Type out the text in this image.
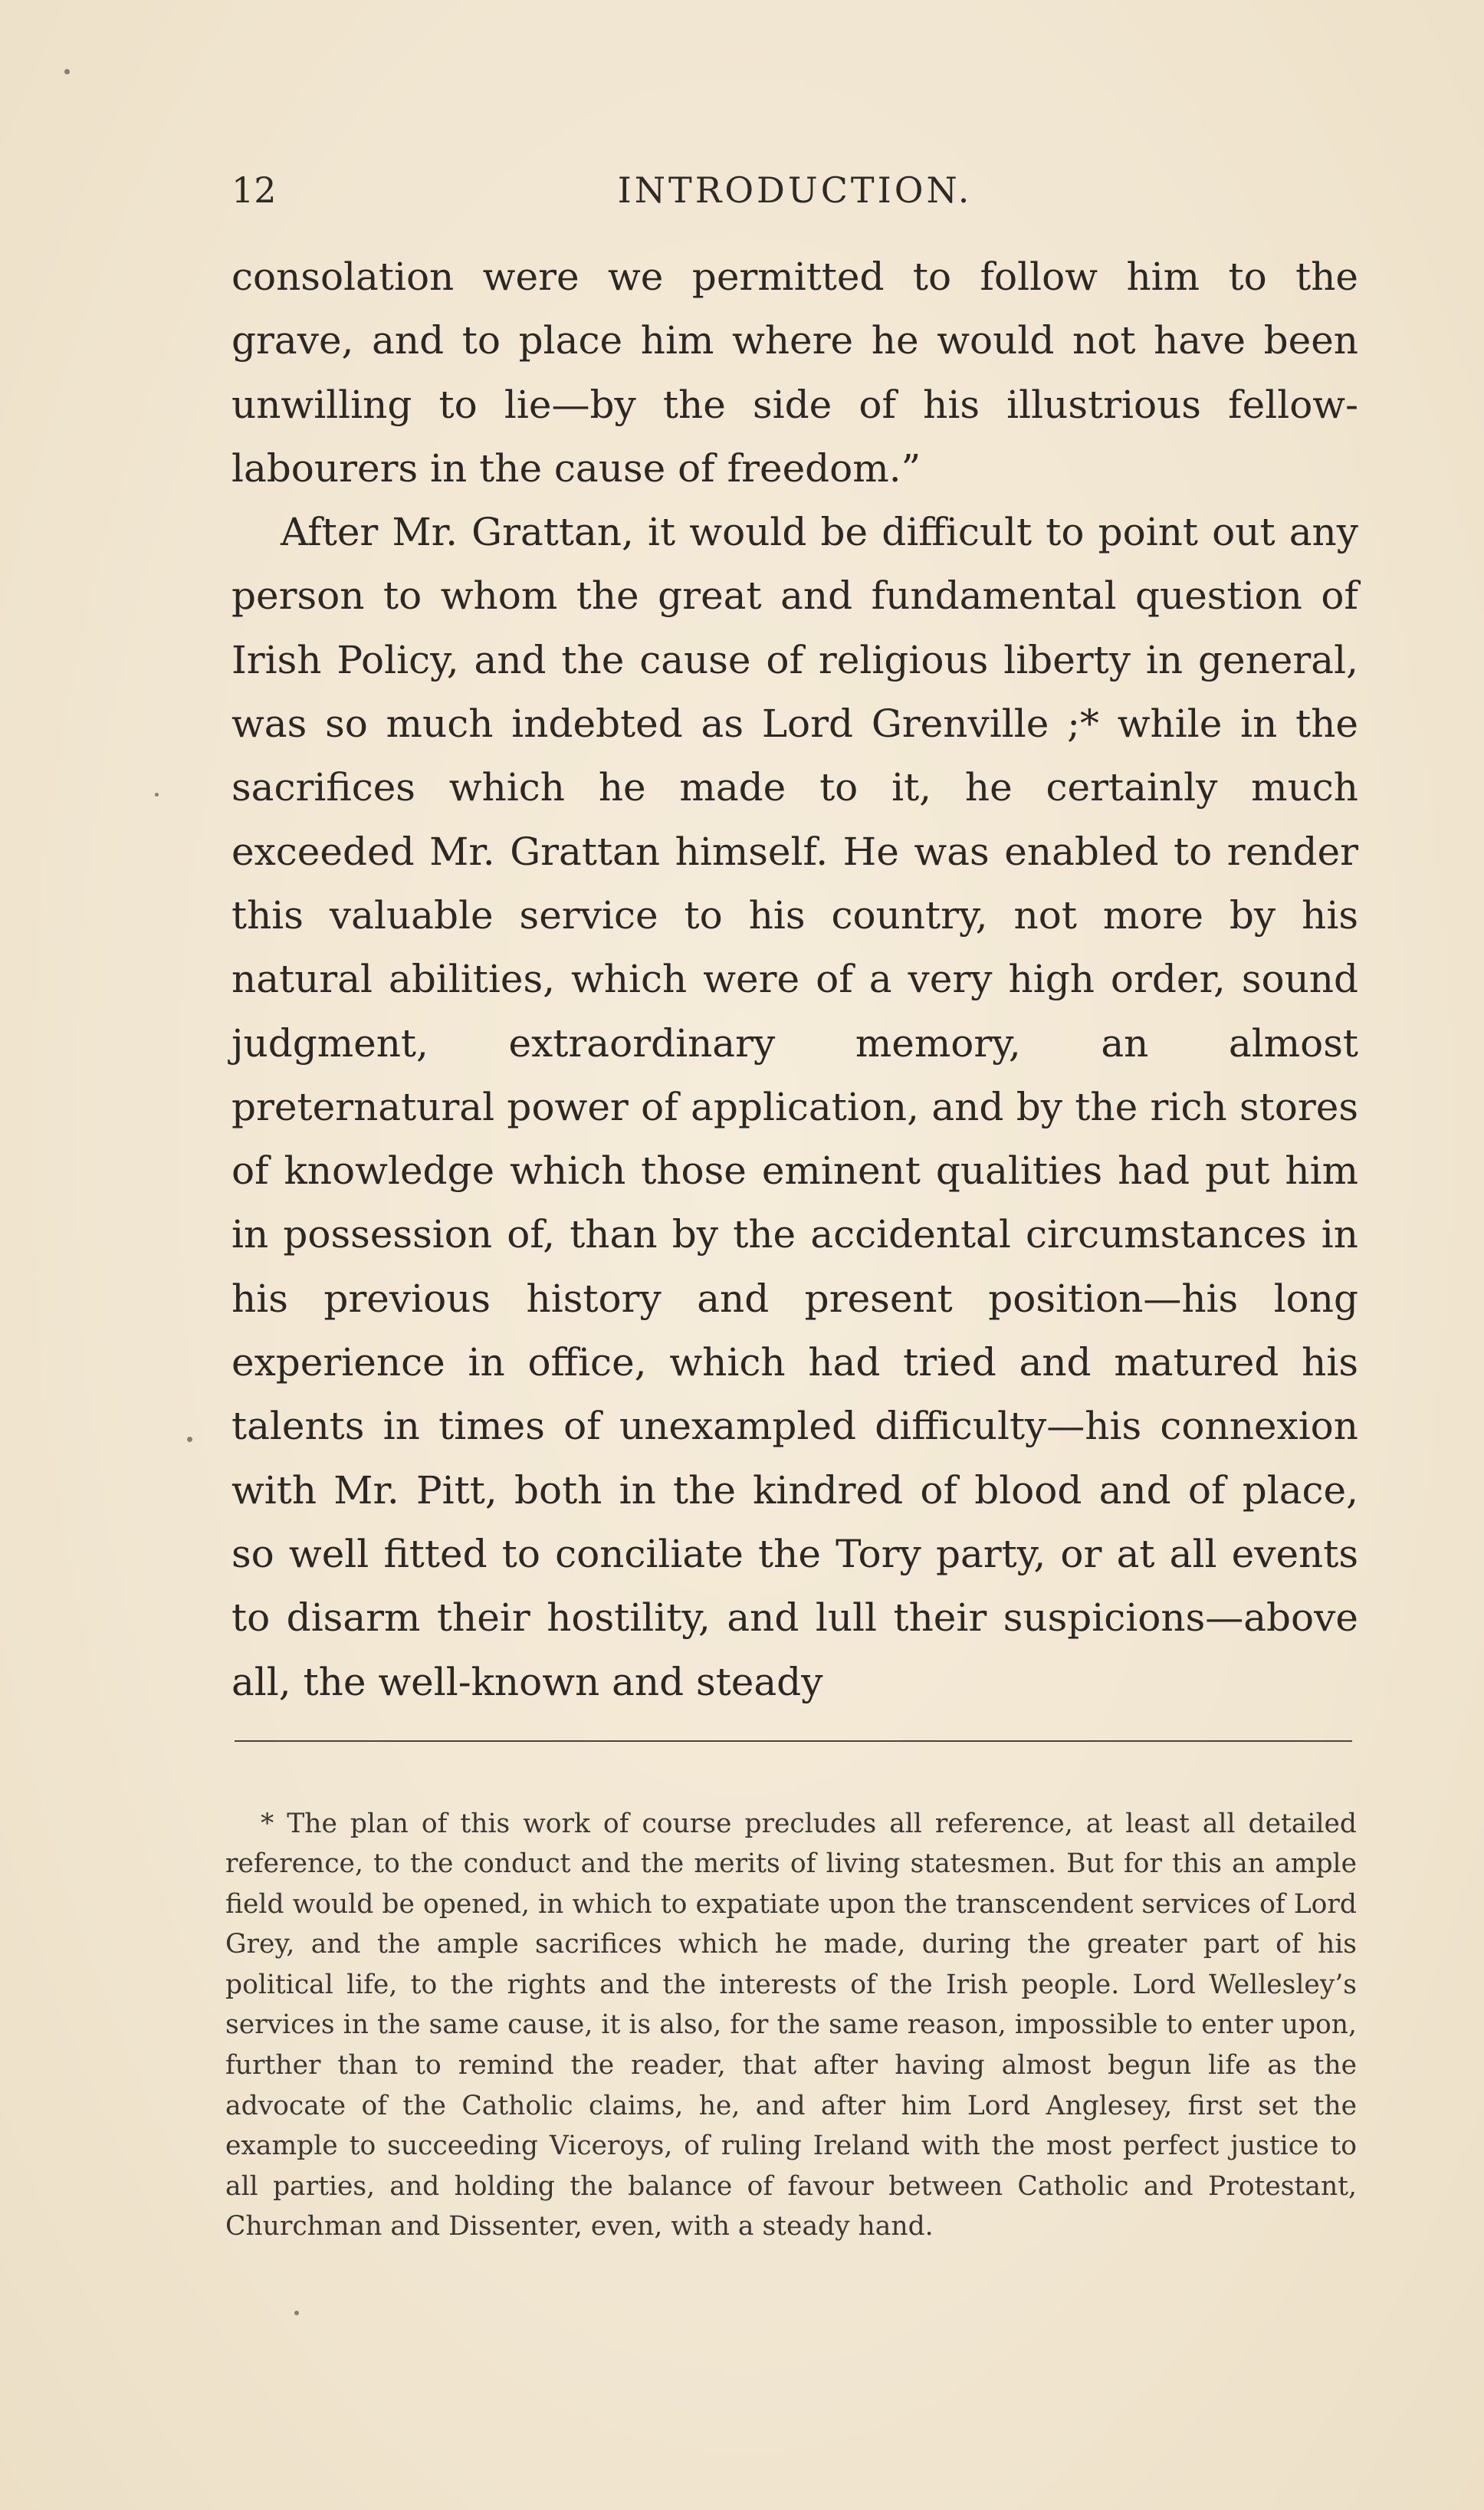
12	INTRODUCTION.

consolation were we permitted to follow him to the grave, and to place him where he would not have been unwilling to lie—by the side of his illustrious fellow-labourers in the cause of freedom.”

After Mr. Grattan, it would be difficult to point out any person to whom the great and fundamental question of Irish Policy, and the cause of religious liberty in general, was so much indebted as Lord Grenville ;* while in the sacrifices which he made to it, he certainly much exceeded Mr. Grattan himself. He was enabled to render this valuable service to his country, not more by his natural abilities, which were of a very high order, sound judgment, extraordinary memory, an almost preternatural power of application, and by the rich stores of knowledge which those eminent qualities had put him in possession of, than by the accidental circumstances in his previous history and present position—his long experience in office, which had tried and matured his talents in times of unexampled difficulty—his connexion with Mr. Pitt, both in the kindred of blood and of place, so well fitted to conciliate the Tory party, or at all events to disarm their hostility, and lull their suspicions—above all, the well-known and steady

* The plan of this work of course precludes all reference, at least all detailed reference, to the conduct and the merits of living statesmen. But for this an ample field would be opened, in which to expatiate upon the transcendent services of Lord Grey, and the ample sacrifices which he made, during the greater part of his political life, to the rights and the interests of the Irish people. Lord Wellesley’s services in the same cause, it is also, for the same reason, impossible to enter upon, further than to remind the reader, that after having almost begun life as the advocate of the Catholic claims, he, and after him Lord Anglesey, first set the example to succeeding Viceroys, of ruling Ireland with the most perfect justice to all parties, and holding the balance of favour between Catholic and Protestant, Churchman and Dissenter, even, with a steady hand.
